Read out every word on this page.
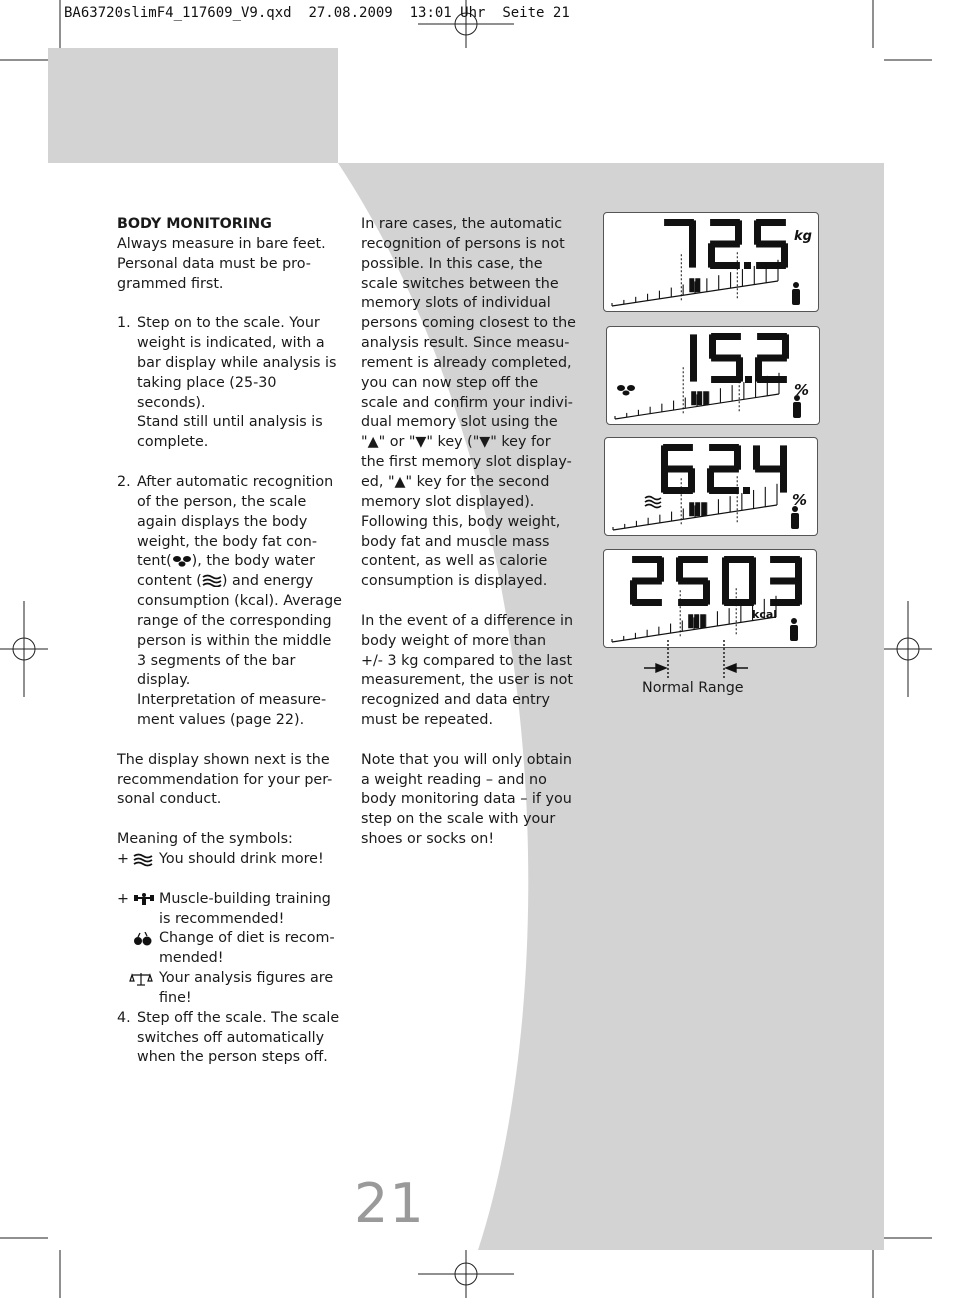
BA63720slimF4_117609_V9.qxd 27.08.2009 13:01 Uhr Seite 21

BODY MONITORING

Always measure in bare feet.

Personal data must be pro-

grammed first.

1. Step on to the scale. Your

weight is indicated, with a

bar display while analysis is

taking place (25-30

seconds).

Stand still until analysis is

complete.

2. After automatic recognition

of the person, the scale

again displays the body

weight, the body fat con-

tent( ), the body water

content ( ) and energy

consumption (kcal). Average

range of the corresponding

person is within the middle

3 segments of the bar

display.

Interpretation of measure-

ment values (page 22).

The display shown next is the

recommendation for your per-

sonal conduct.

Meaning of the symbols:

+ You should drink more!

+ Muscle-building training

is recommended!

Change of diet is recom-

mended!

Your analysis figures are

fine!

4. Step off the scale. The scale

switches off automatically

when the person steps off.

In rare cases, the automatic

recognition of persons is not

possible. In this case, the

scale switches between the

memory slots of individual

persons coming closest to the

analysis result. Since measu-

rement is already completed,

you can now step off the

scale and confirm your indivi-

dual memory slot using the

"▲" or "▼" key ("▼" key for

the first memory slot display-

ed, "▲" key for the second

memory slot displayed).

Following this, body weight,

body fat and muscle mass

content, as well as calorie

consumption is displayed.

In the event of a difference in

body weight of more than

+/- 3 kg compared to the last

measurement, the user is not

recognized and data entry

must be repeated.

Note that you will only obtain

a weight reading – and no

body monitoring data – if you

step on the scale with your

shoes or socks on!

kg
%
%
kcal
Normal Range
21
